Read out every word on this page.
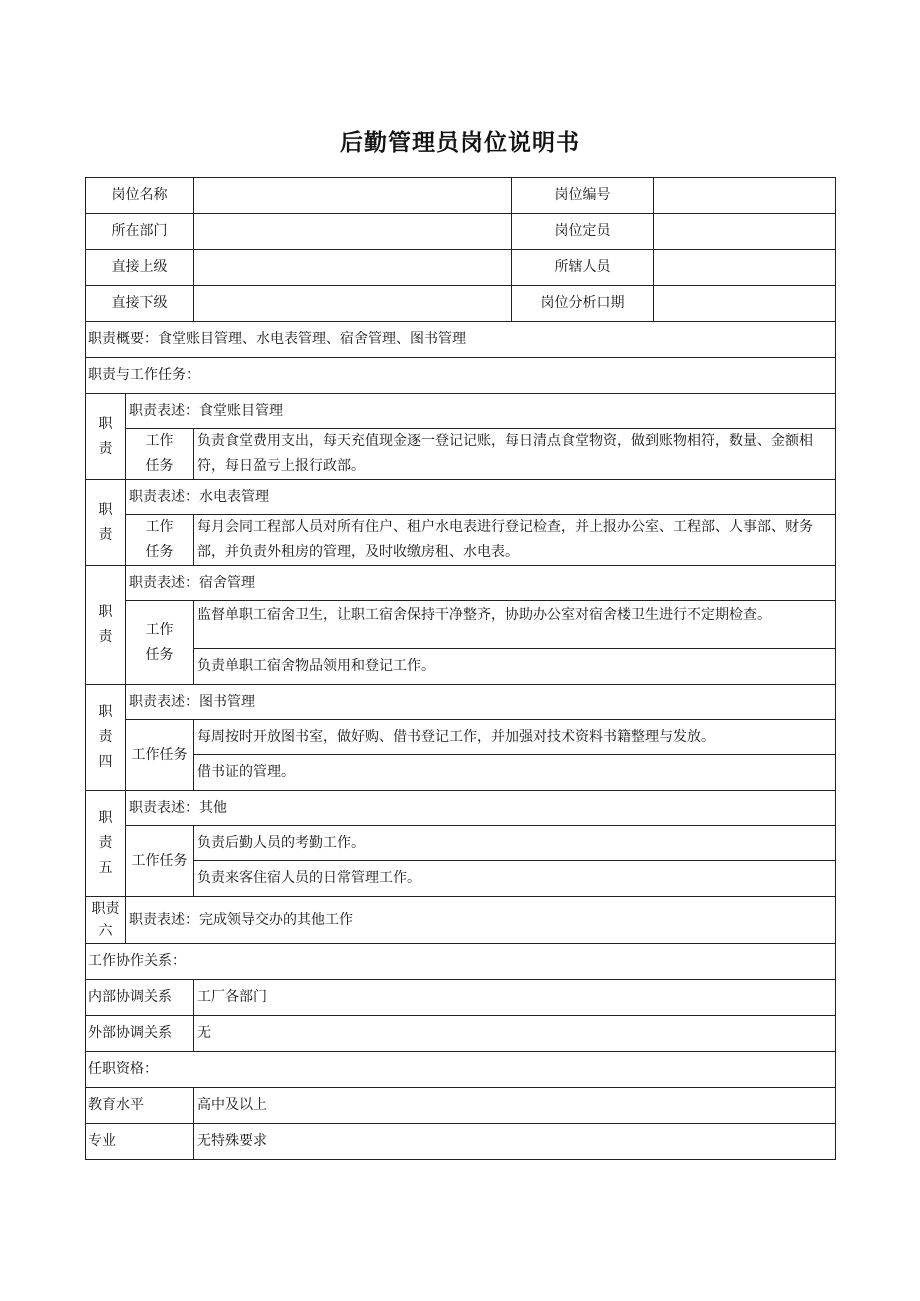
后勤管理员岗位说明书
岗位名称			岗位编号	
所在部门			岗位定员	
直接上级			所辖人员	
直接下级			岗位分析口期	
职责概要：食堂账目管理、水电表管理、宿舍管理、图书管理				
职责与工作任务：				

职责	职责表述：食堂账目管理			

	工作任务	负责食堂费用支出，每天充值现金逐一登记记账，每日清点食堂物资，做到账物相符，数量、金额相符，每日盈亏上报行政部。		

职责	职责表述：水电表管理			

	工作任务	每月会同工程部人员对所有住户、租户水电表进行登记检查，并上报办公室、工程部、人事部、财务部，并负责外租房的管理，及时收缴房租、水电表。		

职责	职责表述：宿舍管理			

	工作任务	监督单职工宿舍卫生，让职工宿舍保持干净整齐，协助办公室对宿舍楼卫生进行不定期检查。		
		负责单职工宿舍物品领用和登记工作。		

职责四	职责表述：图书管理			
	工作任务	每周按时开放图书室，做好购、借书登记工作，并加强对技术资料书籍整理与发放。		
		借书证的管理。		

职责五	职责表述：其他			
	工作任务	负责后勤人员的考勤工作。		
		负责来客住宿人员的日常管理工作。		

职责六	职责表述：完成领导交办的其他工作			
工作协作关系：				
内部协调关系		工厂各部门		
外部协调关系		无		
任职资格：				
教育水平		高中及以上		
专业		无特殊要求		
